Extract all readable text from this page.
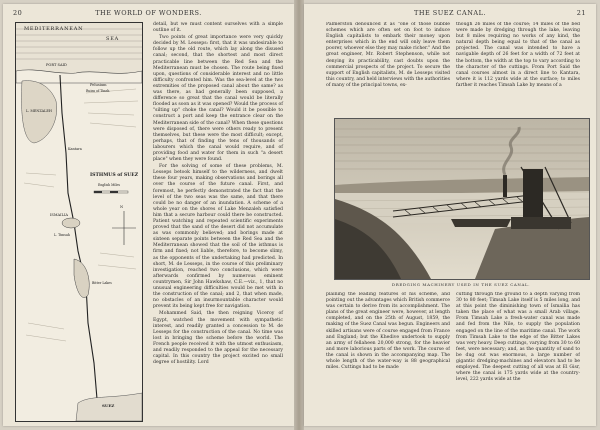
20	THE WORLD OF WONDERS.
MEDITERRANEAN
SEA
PORT SAID
Pelusium
Ruins of Tineh
L. MENZALEH
Kantara
ISTHMUS of SUEZ
English Miles
N
ISMAILIA
L. Timsah
Bitter Lakes
SUEZ

detail, but we must content ourselves with a simple outline of it.

Two points of great importance were very quickly decided by M. Lesseps: first, that it was undesirable to follow up the old route, which lay along the disused canal; second, that the shortest and most direct practicable line between the Red Sea and the Mediterranean must be chosen. The route being fixed upon, questions of considerable interest and no little difficulty confronted him. Was the sea-level at the two extremities of the proposed canal about the same? as was there, as had generally been supposed, a difference so great that the canal would be literally flooded as soon as it was opened? Would the process of "silting up" choke the canal? Would it be possible to construct a port and keep the entrance clear on the Mediterranean side of the canal? When these questions were disposed of, there were others ready to present themselves, but these were the most difficult; except, perhaps, that of finding the tens of thousands of labourers which the canal would require, and of providing food and water for them in such "a desert place" when they were found.

For the solving of some of these problems, M. Lesseps betook himself to the wilderness, and dwelt these four years, making observations and borings all over the course of the future canal. First, and foremost, he perfectly demonstrated the fact that the level of the two seas was the same, and that there could be no danger of an inundation. A scheme of a whole year on the shores of Lake Menzaleh satisfied him that a secure harbour could there be constructed. Patient watching and repeated scientific experiments proved that the sand of the desert did not accumulate as was commonly believed; and borings made at sixteen separate points between the Red Sea and the Mediterranean showed that the soil of the isthmus is firm and fixed; not liable, therefore, to become slimy, as the opponents of the undertaking had predicted. In short, M. de Lesseps, in the course of this preliminary investigation, reached two conclusions, which were afterwards confirmed by numerous eminent countrymen, Sir John Hawkshaw, C.E.—viz., 1, that no unusual engineering difficulties would be met with in the construction of the canal; and 2, that when made, no obstacles of an insurmountable character would prevent its being kept free for navigation.

Mohammed Said, the then reigning Viceroy of Egypt, watched the movement with sympathetic interest, and readily granted a concession to M. de Lesseps for the construction of the canal. No time was lost in bringing the scheme before the world. The French people received it with the utmost enthusiasm, and readily responded to the appeal for the necessary capital. In this country the project excited no small degree of hostility. Lord

THE SUEZ CANAL.	21

Palmerston denounced it as "one of those bubble schemes which are often set on foot to induce English capitalists to embark their money upon enterprises which in the end will only leave them poorer, whoever else they may make richer." And the great engineer, Mr. Robert Stephenson, while not denying its practicability, cast doubts upon the commercial prospects of the project. To secure the support of English capitalists, M. de Lesseps visited this country, and held interviews with the authorities of many of the principal towns, ex-

though 26 miles of the course; 14 miles of the bed were made by dredging through the lake, leaving but 8 miles requiring no works of any kind, the natural depth being equal to that of the canal as projected. The canal was intended to have a navigable depth of 26 feet for a width of 72 feet at the bottom, the width at the top to vary according to the character of the cuttings. From Port Said the canal courses almost in a direct line to Kantara, where it is 112 yards wide at the surface; to miles farther it reaches Timsah Lake by means of a

DREDGING MACHINERY USED IN THE SUEZ CANAL.

plaining the leading features of his scheme, and pointing out the advantages which British commerce was certain to derive from its accomplishment. The plans of the great engineer were, however, at length completed, and on the 25th of August, 1859, the making of the Suez Canal was begun. Engineers and skilled artisans were of course engaged from France and England; but the Khedive undertook to supply an army of fellaheen 20,000 strong, for the heavier and more laborious parts of the work. The course of the canal is shown in the accompanying map. The whole length of the water-way is 88 geographical miles. Cuttings had to be made

cutting through the ground to a depth varying from 30 to 80 feet; Timsah Lake itself is 5 miles long, and at this point the diminishing town of Ismailia has taken the place of what was a small Arab village. From Timsah Lake a fresh-water canal was made and fed from the Nile, to supply the population engaged on the line of the maritime canal. The work from Timsah Lake to the edge of the Bitter Lakes was very heavy. Deep cuttings, varying from 30 to 60 feet, were necessary; and, as the quantity of sand to be dug out was enormous, a large number of gigantic dredging-machines and elevators had to be employed. The deepest cutting of all was at El Gisr, where the canal is 175 yards wide at the country-level, 222 yards wide at the
